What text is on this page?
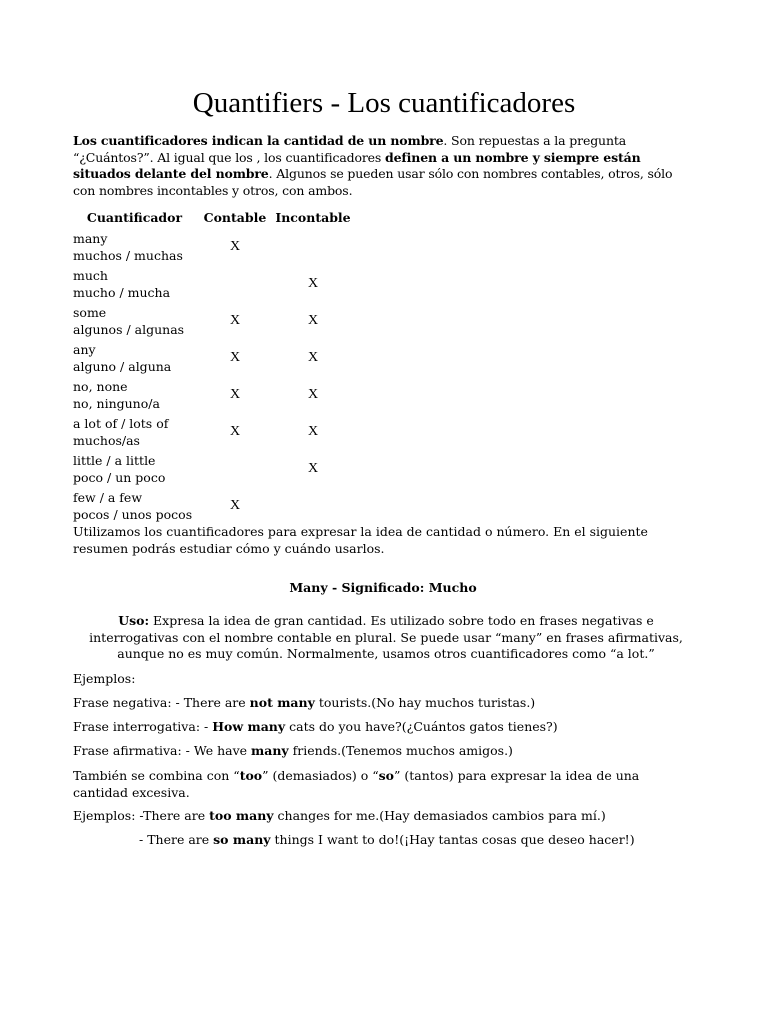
Quantifiers - Los cuantificadores

Los cuantificadores indican la cantidad de un nombre. Son repuestas a la pregunta “¿Cuántos?”. Al igual que los , los cuantificadores definen a un nombre y siempre están situados delante del nombre. Algunos se pueden usar sólo con nombres contables, otros, sólo con nombres incontables y otros, con ambos.

Cuantificador	Contable	Incontable

many
muchos / muchas	X	

much
mucho / mucha		X

some
algunos / algunas	X	X

any
alguno / alguna	X	X

no, none
no, ninguno/a	X	X

a lot of / lots of
muchos/as	X	X

little / a little
poco / un poco		X

few / a few
pocos / unos pocos	X	

Utilizamos los cuantificadores para expresar la idea de cantidad o número. En el siguiente resumen podrás estudiar cómo y cuándo usarlos.

Many - Significado: Mucho

Uso: Expresa la idea de gran cantidad. Es utilizado sobre todo en frases negativas e interrogativas con el nombre contable en plural. Se puede usar “many” en frases afirmativas, aunque no es muy común. Normalmente, usamos otros cuantificadores como “a lot.”

Ejemplos:

Frase negativa: - There are not many tourists.(No hay muchos turistas.)

Frase interrogativa: - How many cats do you have?(¿Cuántos gatos tienes?)

Frase afirmativa: - We have many friends.(Tenemos muchos amigos.)

También se combina con “too” (demasiados) o “so” (tantos) para expresar la idea de una cantidad excesiva.

Ejemplos: -There are too many changes for me.(Hay demasiados cambios para mí.)

- There are so many things I want to do!(¡Hay tantas cosas que deseo hacer!)
